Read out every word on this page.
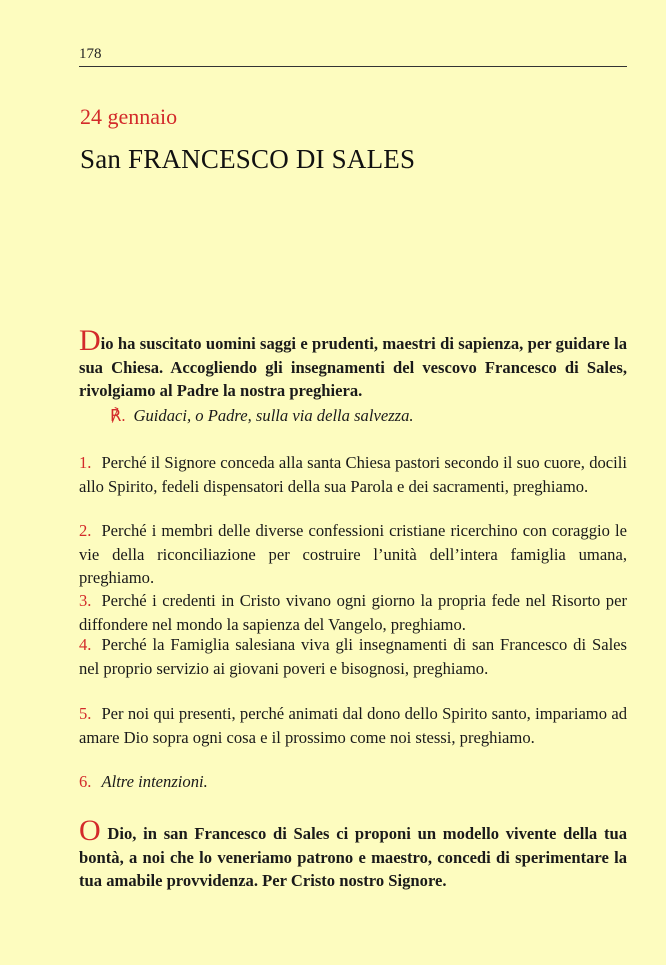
178
24 gennaio
San FRANCESCO DI SALES
Dio ha suscitato uomini saggi e prudenti, maestri di sapienza, per guidare la sua Chiesa. Accogliendo gli insegnamenti del vescovo Francesco di Sales, rivolgiamo al Padre la nostra preghiera.
℟. Guidaci, o Padre, sulla via della salvezza.
1. Perché il Signore conceda alla santa Chiesa pastori secondo il suo cuore, docili allo Spirito, fedeli dispensatori della sua Parola e dei sacramenti, preghiamo.
2. Perché i membri delle diverse confessioni cristiane ricerchino con coraggio le vie della riconciliazione per costruire l’unità dell’intera famiglia umana, preghiamo.
3. Perché i credenti in Cristo vivano ogni giorno la propria fede nel Risorto per diffondere nel mondo la sapienza del Vangelo, preghiamo.
4. Perché la Famiglia salesiana viva gli insegnamenti di san Francesco di Sales nel proprio servizio ai giovani poveri e bisognosi, preghiamo.
5. Per noi qui presenti, perché animati dal dono dello Spirito santo, impariamo ad amare Dio sopra ogni cosa e il prossimo come noi stessi, preghiamo.
6. Altre intenzioni.
O Dio, in san Francesco di Sales ci proponi un modello vivente della tua bontà, a noi che lo veneriamo patrono e maestro, concedi di sperimentare la tua amabile provvidenza. Per Cristo nostro Signore.
